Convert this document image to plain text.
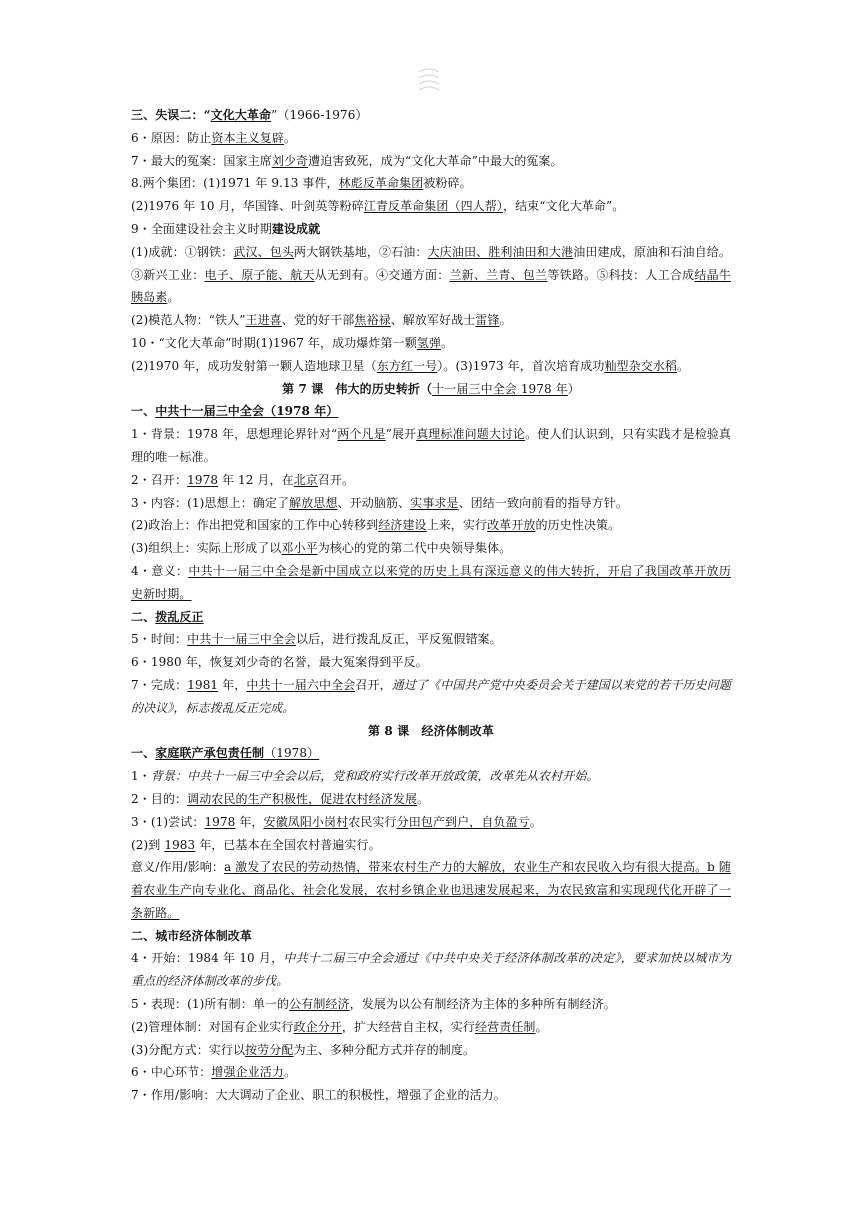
三、失误二：“文化大革命”（1966-1976）
6・原因：防止资本主义复辟。
7・最大的冤案：国家主席刘少奇遭迫害致死，成为“文化大革命”中最大的冤案。
8.两个集团：(1)1971 年 9.13 事件，林彪反革命集团被粉碎。
(2)1976 年 10 月，华国锋、叶剑英等粉碎江青反革命集团（四人帮），结束“文化大革命”。
9・全面建设社会主义时期建设成就
(1)成就：①钢铁：武汉、包头两大钢铁基地，②石油：大庆油田、胜利油田和大港油田建成，原油和石油自给。③新兴工业：电子、原子能、航天从无到有。④交通方面：兰新、兰青、包兰等铁路。⑤科技：人工合成结晶牛胰岛素。
(2)模范人物：“铁人”王进喜、党的好干部焦裕禄、解放军好战士雷锋。
10・“文化大革命”时期(1)1967 年，成功爆炸第一颗氢弹。
(2)1970 年，成功发射第一颗人造地球卫星（东方红一号）。(3)1973 年，首次培育成功籼型杂交水稻。
第 7 课　伟大的历史转折（十一届三中全会 1978 年）
一、中共十一届三中全会（1978 年）
1・背景：1978 年，思想理论界针对“两个凡是”展开真理标准问题大讨论。使人们认识到，只有实践才是检验真理的唯一标准。
2・召开：1978 年 12 月，在北京召开。
3・内容：(1)思想上：确定了解放思想、开动脑筋、实事求是、团结一致向前看的指导方针。
(2)政治上：作出把党和国家的工作中心转移到经济建设上来，实行改革开放的历史性决策。
(3)组织上：实际上形成了以邓小平为核心的党的第二代中央领导集体。
4・意义：中共十一届三中全会是新中国成立以来党的历史上具有深远意义的伟大转折，开启了我国改革开放历史新时期。
二、拨乱反正
5・时间：中共十一届三中全会以后，进行拨乱反正，平反冤假错案。
6・1980 年，恢复刘少奇的名誉，最大冤案得到平反。
7・完成：1981 年，中共十一届六中全会召开，通过了《中国共产党中央委员会关于建国以来党的若干历史问题的决议》，标志拨乱反正完成。
第 8 课　经济体制改革
一、家庭联产承包责任制（1978）
1・背景：中共十一届三中全会以后，党和政府实行改革开放政策，改革先从农村开始。
2・目的：调动农民的生产积极性，促进农村经济发展。
3・(1)尝试：1978 年，安徽凤阳小岗村农民实行分田包产到户，自负盈亏。
(2)到 1983 年，已基本在全国农村普遍实行。
意义/作用/影响：a 激发了农民的劳动热情，带来农村生产力的大解放，农业生产和农民收入均有很大提高。b 随着农业生产向专业化、商品化、社会化发展，农村乡镇企业也迅速发展起来，为农民致富和实现现代化开辟了一条新路。
二、城市经济体制改革
4・开始：1984 年 10 月，中共十二届三中全会通过《中共中央关于经济体制改革的决定》，要求加快以城市为重点的经济体制改革的步伐。
5・表现：(1)所有制：单一的公有制经济，发展为以公有制经济为主体的多种所有制经济。
(2)管理体制：对国有企业实行政企分开，扩大经营自主权，实行经营责任制。
(3)分配方式：实行以按劳分配为主、多种分配方式并存的制度。
6・中心环节：增强企业活力。
7・作用/影响：大大调动了企业、职工的积极性，增强了企业的活力。
